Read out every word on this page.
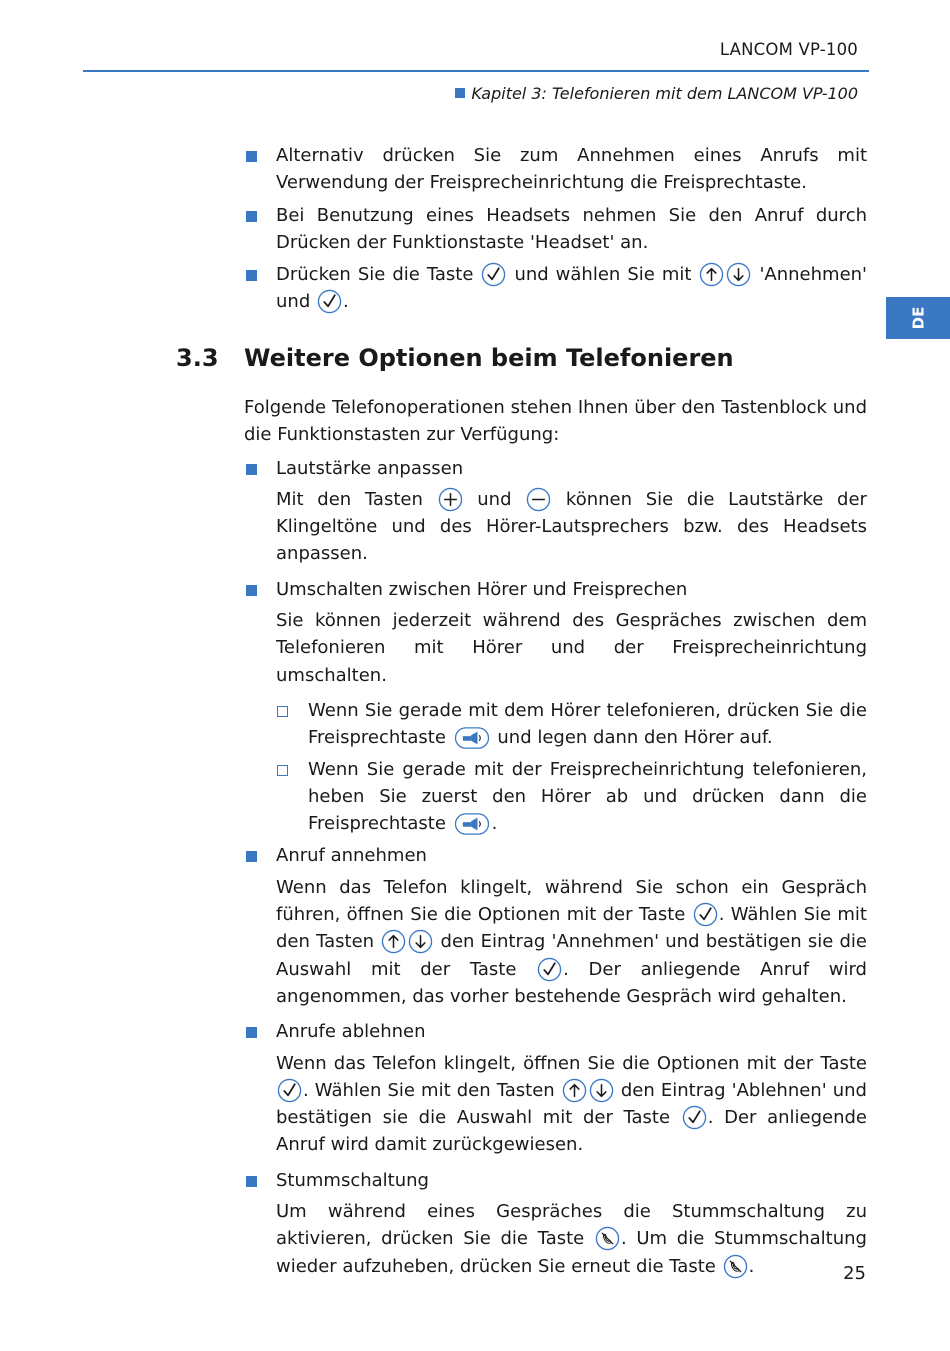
LANCOM VP-100
Kapitel 3: Telefonieren mit dem LANCOM VP-100
DE

Alternativ drücken Sie zum Annehmen eines Anrufs mit Verwendung der Freisprecheinrichtung die Freisprechtaste.

Bei Benutzung eines Headsets nehmen Sie den Anruf durch Drücken der Funktionstaste 'Headset' an.

Drücken Sie die Taste und wählen Sie mit	'Annehmen' und .

3.3 Weitere Optionen beim Telefonieren

Folgende Telefonoperationen stehen Ihnen über den Tastenblock und die Funktionstasten zur Verfügung:

Lautstärke anpassen

Mit den Tasten	und	können Sie die Lautstärke der Klingeltöne und des Hörer-Lautsprechers bzw. des Headsets anpassen.

Umschalten zwischen Hörer und Freisprechen

Sie können jederzeit während des Gespräches zwischen dem Telefonieren mit Hörer und der Freisprecheinrichtung umschalten.

Wenn Sie gerade mit dem Hörer telefonieren, drücken Sie die Freisprechtaste	und legen dann den Hörer auf.

Wenn Sie gerade mit der Freisprecheinrichtung telefonieren, heben Sie zuerst den Hörer ab und drücken dann die Freisprechtaste	.

Anruf annehmen

Wenn das Telefon klingelt, während Sie schon ein Gespräch führen, öffnen Sie die Optionen mit der Taste . Wählen Sie mit den Tasten	den Eintrag 'Annehmen' und bestätigen sie die Auswahl mit der Taste	. Der anliegende Anruf wird angenommen, das vorher bestehende Gespräch wird gehalten.

Anrufe ablehnen

Wenn das Telefon klingelt, öffnen Sie die Optionen mit der Taste . Wählen Sie mit den Tasten	den Eintrag 'Ablehnen' und bestätigen sie die Auswahl mit der Taste . Der anliegende Anruf wird damit zurückgewiesen.

Stummschaltung

Um während eines Gespräches die Stummschaltung zu aktivieren, drücken Sie die Taste . Um die Stummschaltung wieder aufzuheben, drücken Sie erneut die Taste .	25
